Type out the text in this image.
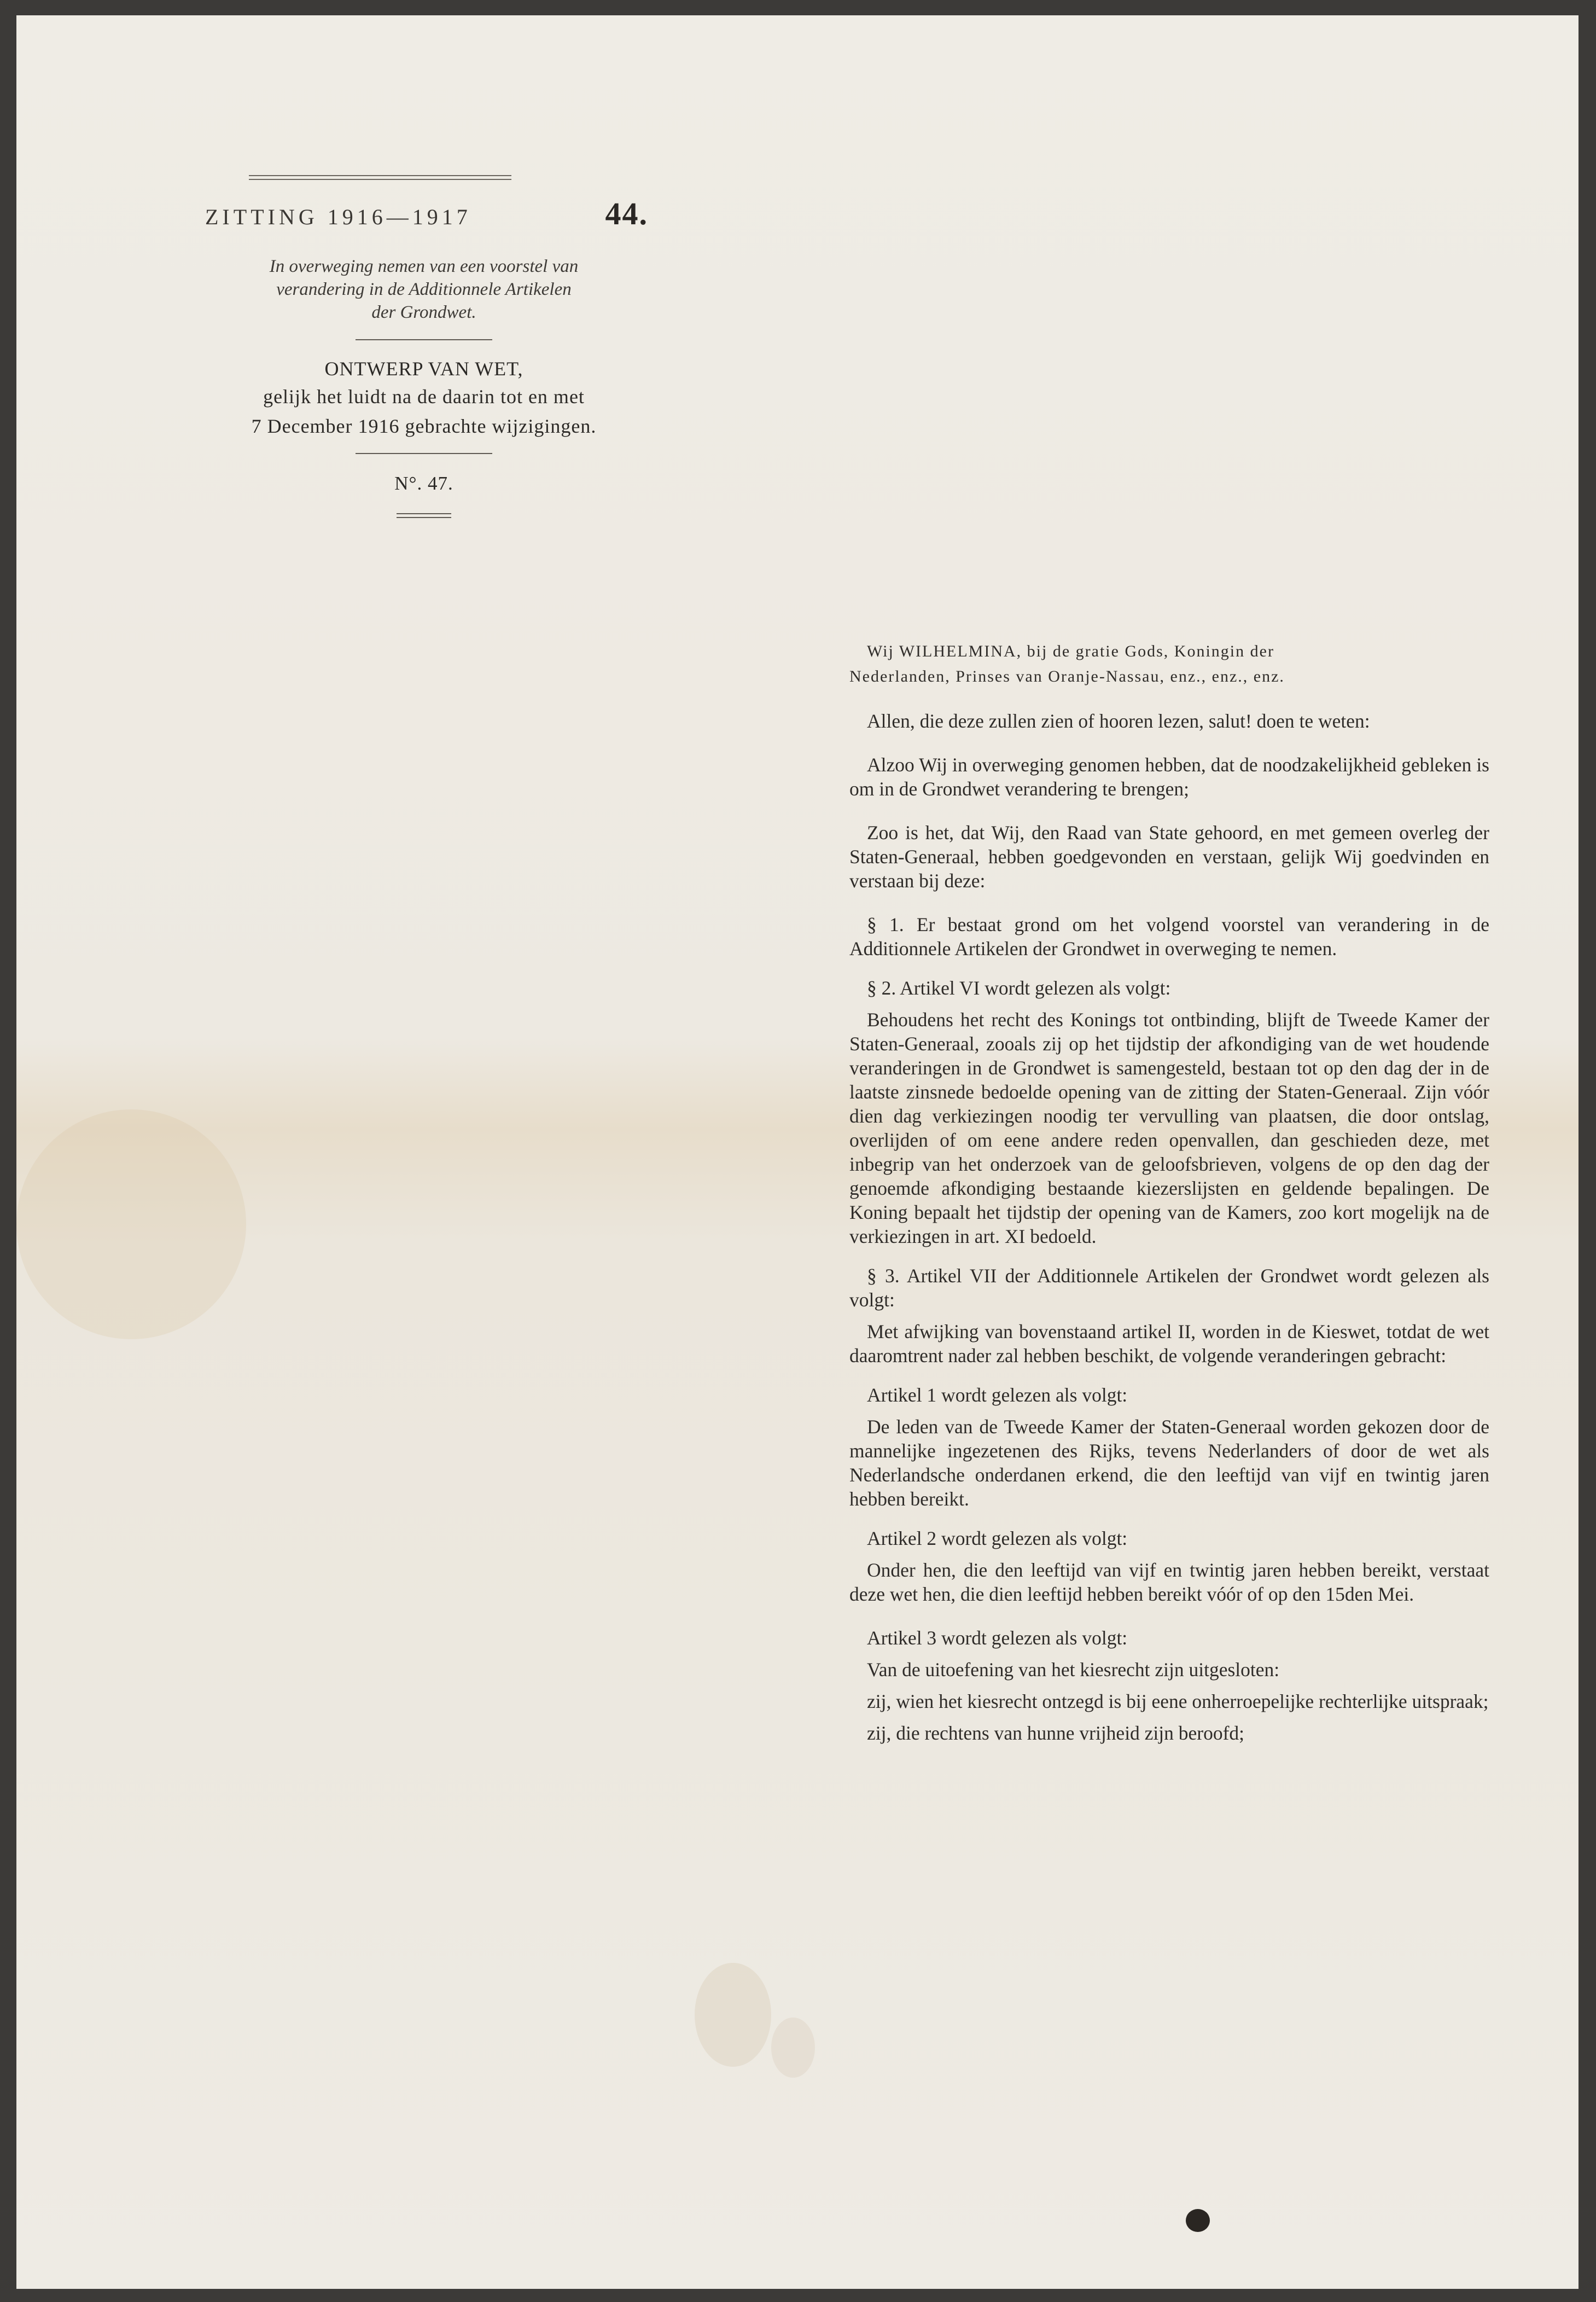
ZITTING 1916—1917	44.
In overweging nemen van een voorstel van
verandering in de Additionnele Artikelen
der Grondwet.
ONTWERP VAN WET,
gelijk het luidt na de daarin tot en met
7 December 1916 gebrachte wijzigingen.
N°. 47.

Wij WILHELMINA, bij de gratie Gods, Koningin der

Nederlanden, Prinses van Oranje-Nassau, enz., enz., enz.

Allen, die deze zullen zien of hooren lezen, salut! doen te weten:

Alzoo Wij in overweging genomen hebben, dat de noodzakelijkheid gebleken is om in de Grondwet verandering te brengen;

Zoo is het, dat Wij, den Raad van State gehoord, en met gemeen overleg der Staten-Generaal, hebben goedgevonden en verstaan, gelijk Wij goedvinden en verstaan bij deze:

§ 1. Er bestaat grond om het volgend voorstel van verandering in de Additionnele Artikelen der Grondwet in overweging te nemen.

§ 2. Artikel VI wordt gelezen als volgt:

Behoudens het recht des Konings tot ontbinding, blijft de Tweede Kamer der Staten-Generaal, zooals zij op het tijdstip der afkondiging van de wet houdende veranderingen in de Grondwet is samengesteld, bestaan tot op den dag der in de laatste zinsnede bedoelde opening van de zitting der Staten-Generaal. Zijn vóór dien dag verkiezingen noodig ter vervulling van plaatsen, die door ontslag, overlijden of om eene andere reden openvallen, dan geschieden deze, met inbegrip van het onderzoek van de geloofsbrieven, volgens de op den dag der genoemde afkondiging bestaande kiezerslijsten en geldende bepalingen. De Koning bepaalt het tijdstip der opening van de Kamers, zoo kort mogelijk na de verkiezingen in art. XI bedoeld.

§ 3. Artikel VII der Additionnele Artikelen der Grondwet wordt gelezen als volgt:

Met afwijking van bovenstaand artikel II, worden in de Kieswet, totdat de wet daaromtrent nader zal hebben beschikt, de volgende veranderingen gebracht:

Artikel 1 wordt gelezen als volgt:

De leden van de Tweede Kamer der Staten-Generaal worden gekozen door de mannelijke ingezetenen des Rijks, tevens Nederlanders of door de wet als Nederlandsche onderdanen erkend, die den leeftijd van vijf en twintig jaren hebben bereikt.

Artikel 2 wordt gelezen als volgt:

Onder hen, die den leeftijd van vijf en twintig jaren hebben bereikt, verstaat deze wet hen, die dien leeftijd hebben bereikt vóór of op den 15den Mei.

Artikel 3 wordt gelezen als volgt:

Van de uitoefening van het kiesrecht zijn uitgesloten:

zij, wien het kiesrecht ontzegd is bij eene onherroepelijke rechterlijke uitspraak;

zij, die rechtens van hunne vrijheid zijn beroofd;
